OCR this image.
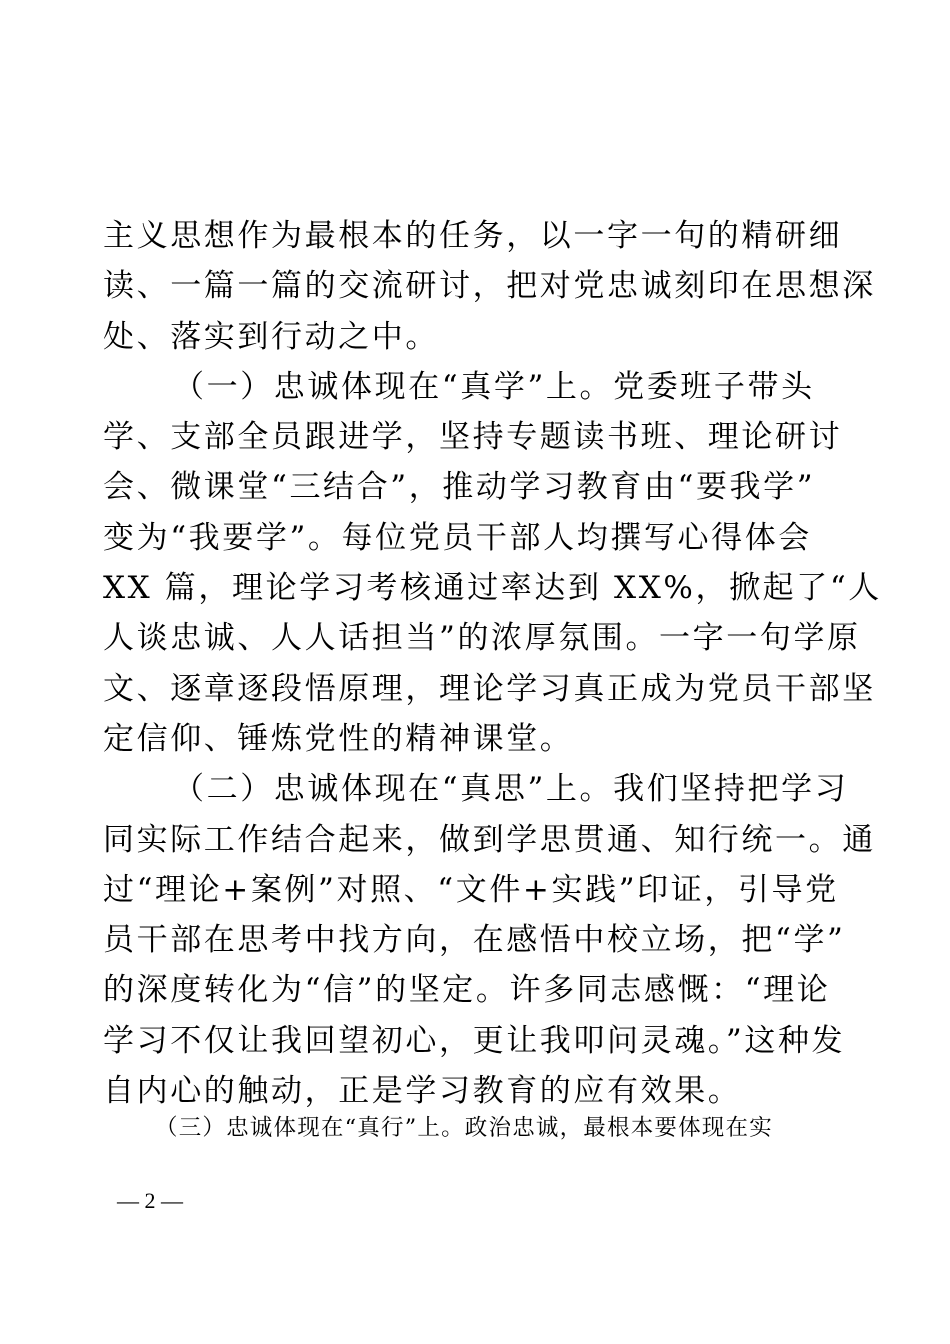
主义思想作为最根本的任务，以一字一句的精研细
读、一篇一篇的交流研讨，把对党忠诚刻印在思想深
处、落实到行动之中。
（一）忠诚体现在“真学”上。党委班子带头
学、支部全员跟进学，坚持专题读书班、理论研讨
会、微课堂“三结合”，推动学习教育由“要我学”
变为“我要学”。每位党员干部人均撰写心得体会
XX 篇，理论学习考核通过率达到 XX%，掀起了“人
人谈忠诚、人人话担当”的浓厚氛围。一字一句学原
文、逐章逐段悟原理，理论学习真正成为党员干部坚
定信仰、锤炼党性的精神课堂。
（二）忠诚体现在“真思”上。我们坚持把学习
同实际工作结合起来，做到学思贯通、知行统一。通
过“理论+案例”对照、“文件+实践”印证，引导党
员干部在思考中找方向，在感悟中校立场，把“学”
的深度转化为“信”的坚定。许多同志感慨：“理论
学习不仅让我回望初心，更让我叩问灵魂。”这种发
自内心的触动，正是学习教育的应有效果。
（三）忠诚体现在“真行”上。政治忠诚，最根本要体现在实
— 2 —
